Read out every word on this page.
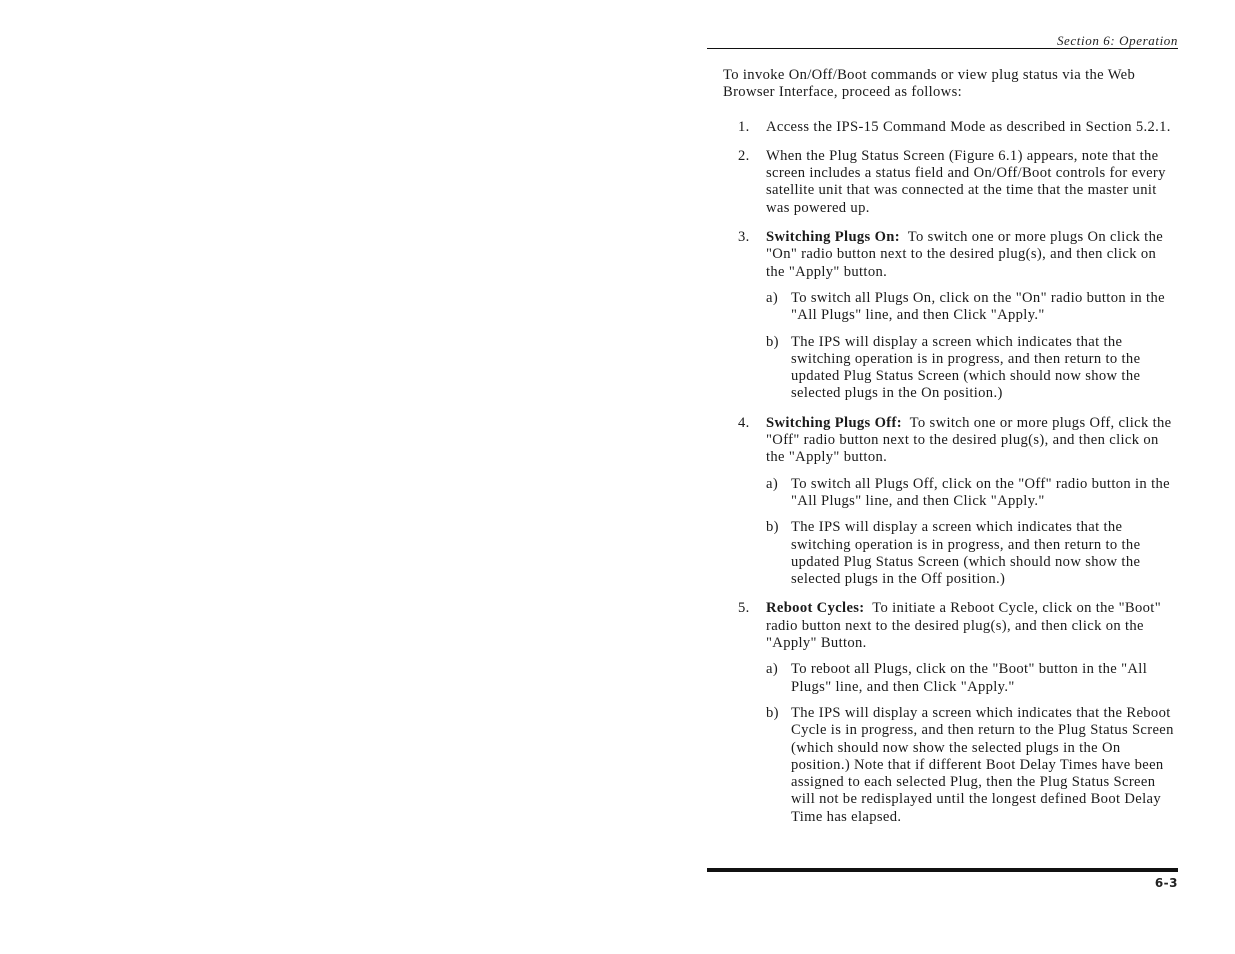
Section 6: Operation

To invoke On/Off/Boot commands or view plug status via the Web Browser Interface, proceed as follows:

1. Access the IPS-15 Command Mode as described in Section 5.2.1.

2. When the Plug Status Screen (Figure 6.1) appears, note that the screen includes a status field and On/Off/Boot controls for every satellite unit that was connected at the time that the master unit was powered up.

3. Switching Plugs On: To switch one or more plugs On click the "On" radio button next to the desired plug(s), and then click on the "Apply" button.

a) To switch all Plugs On, click on the "On" radio button in the "All Plugs" line, and then Click "Apply."
b) The IPS will display a screen which indicates that the switching operation is in progress, and then return to the updated Plug Status Screen (which should now show the selected plugs in the On position.)
4. Switching Plugs Off: To switch one or more plugs Off, click the "Off" radio button next to the desired plug(s), and then click on the "Apply" button.

a) To switch all Plugs Off, click on the "Off" radio button in the "All Plugs" line, and then Click "Apply."
b) The IPS will display a screen which indicates that the switching operation is in progress, and then return to the updated Plug Status Screen (which should now show the selected plugs in the Off position.)
5. Reboot Cycles: To initiate a Reboot Cycle, click on the "Boot" radio button next to the desired plug(s), and then click on the "Apply" Button.

a) To reboot all Plugs, click on the "Boot" button in the "All Plugs" line, and then Click "Apply."
b) The IPS will display a screen which indicates that the Reboot Cycle is in progress, and then return to the Plug Status Screen (which should now show the selected plugs in the On position.) Note that if different Boot Delay Times have been assigned to each selected Plug, then the Plug Status Screen will not be redisplayed until the longest defined Boot Delay Time has elapsed.
6-3
